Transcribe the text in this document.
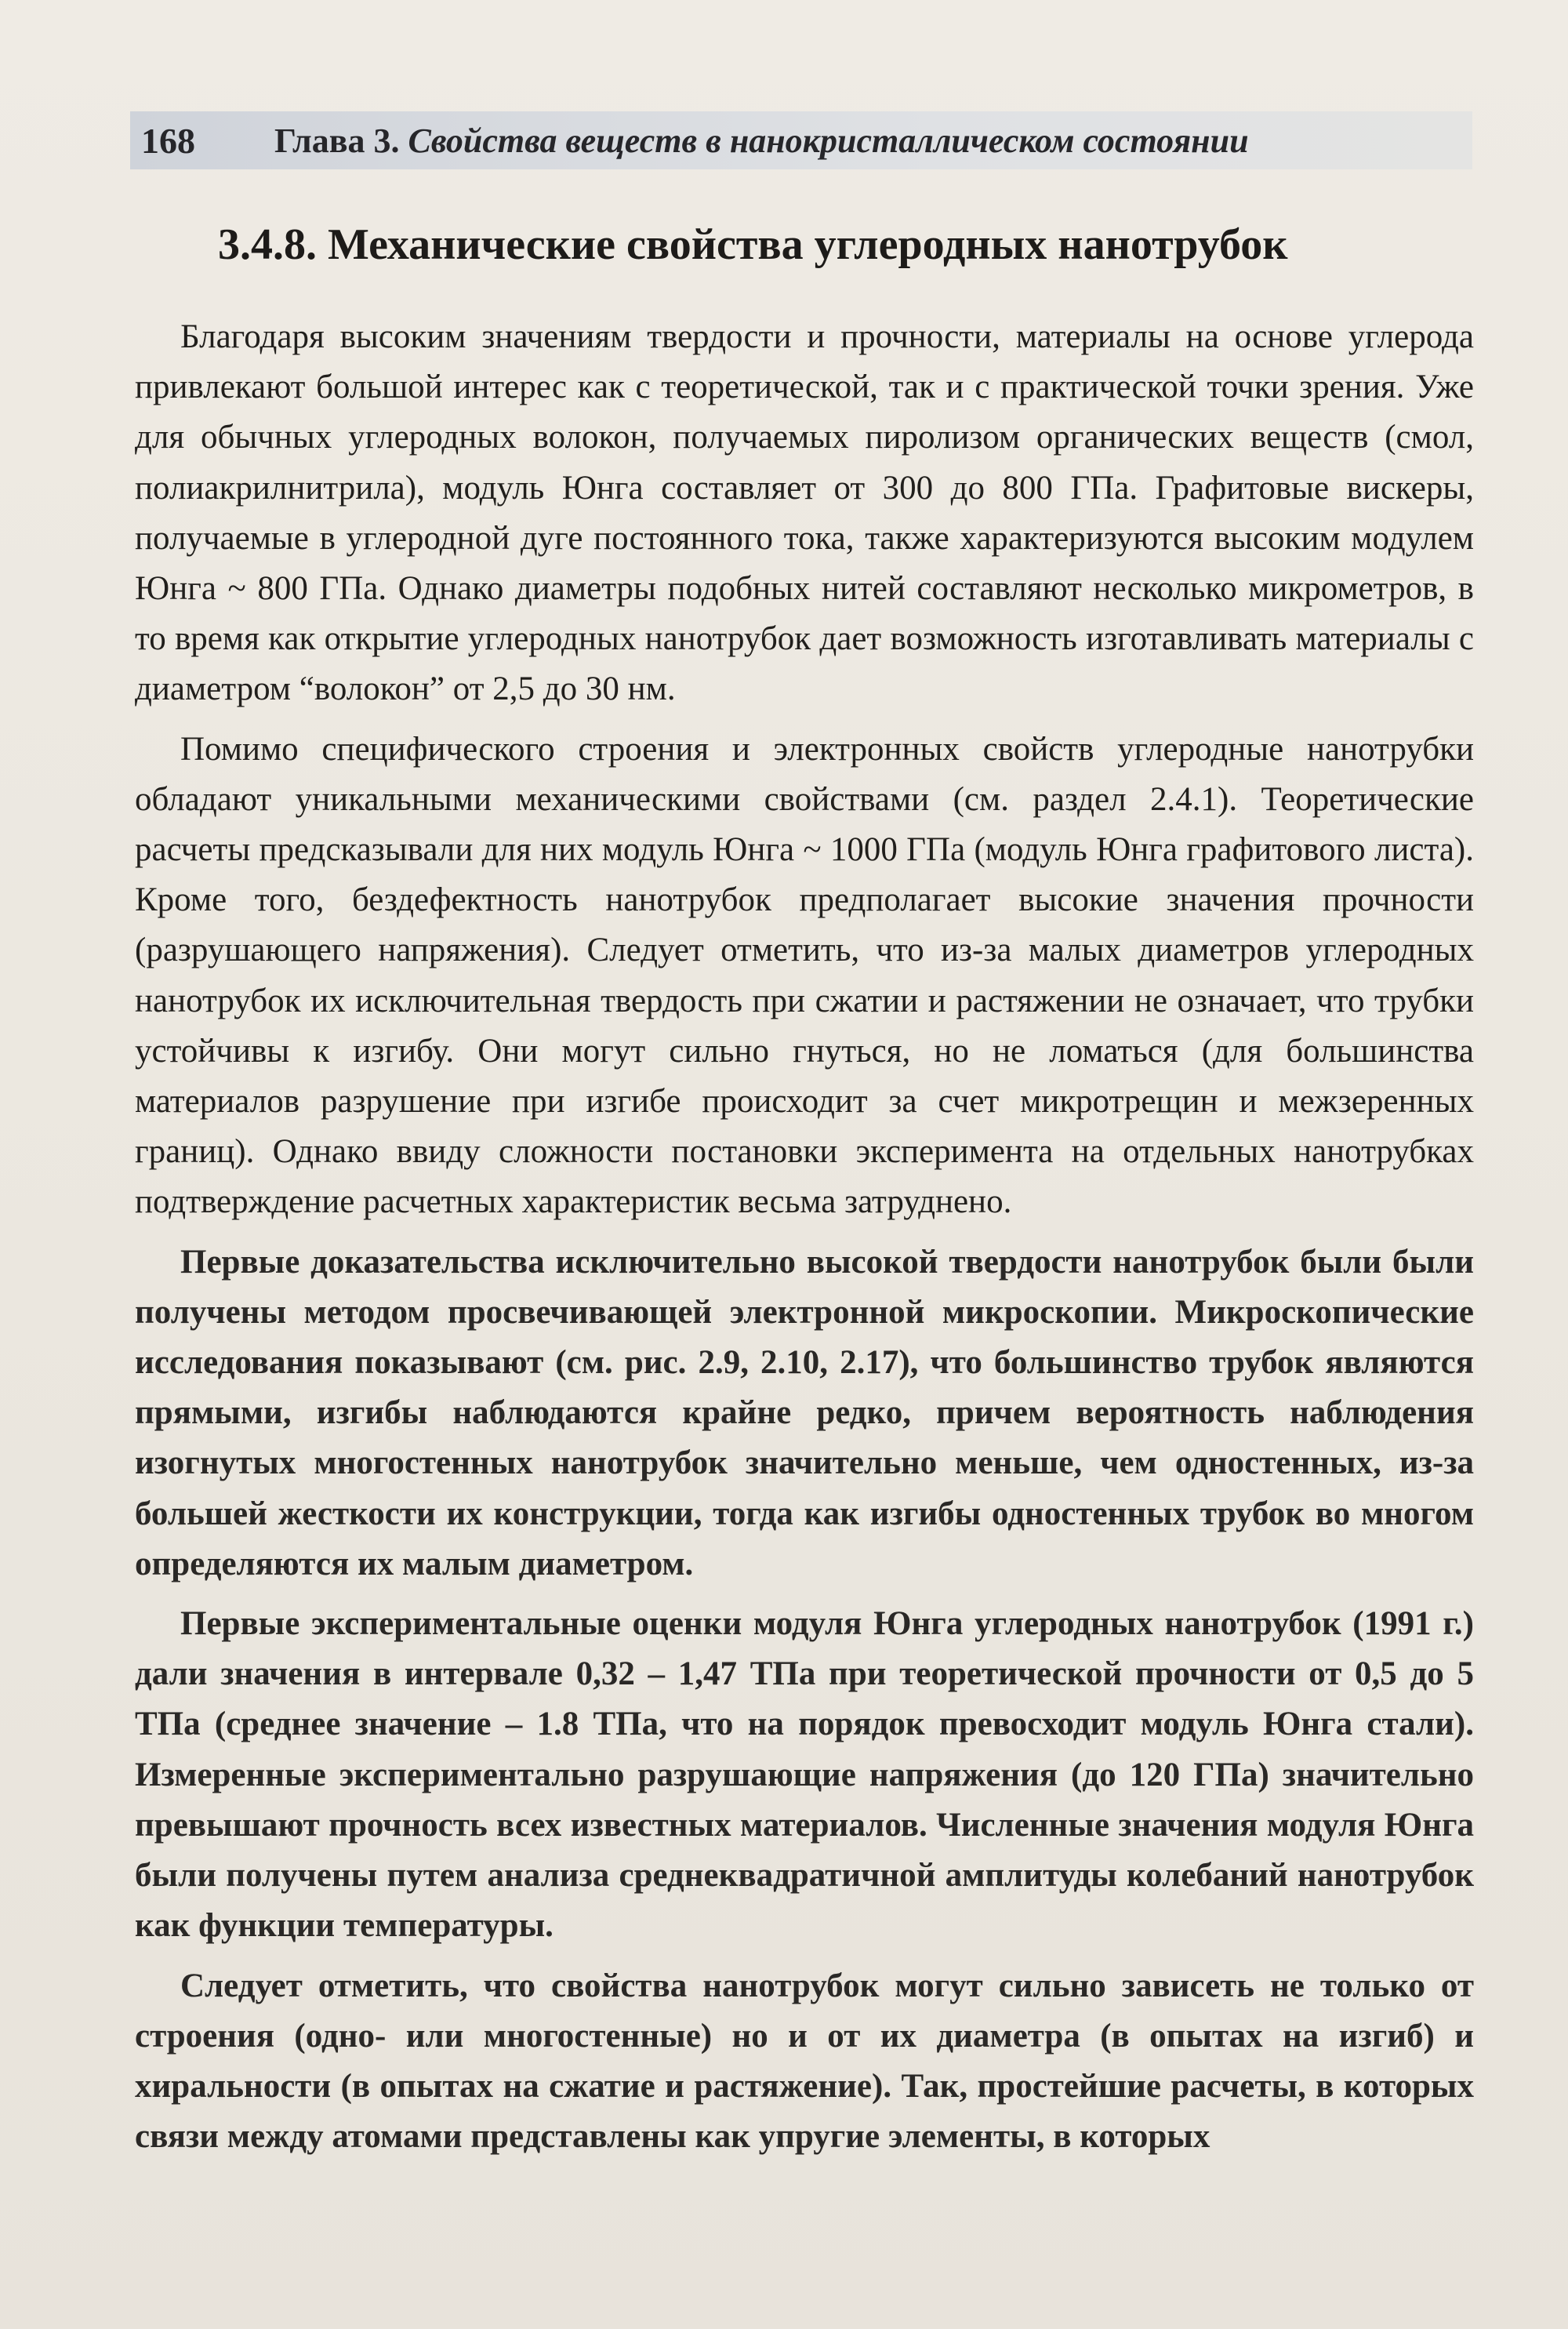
168	Глава 3. Свойства веществ в нанокристаллическом состоянии
3.4.8. Механические свойства углеродных нанотрубок

Благодаря высоким значениям твердости и прочности, материалы на основе углерода привлекают большой интерес как с теоретической, так и с практической точки зрения. Уже для обычных углеродных волокон, получаемых пиролизом органических веществ (смол, полиакрилнитрила), модуль Юнга составляет от 300 до 800 ГПа. Графитовые вискеры, получаемые в углеродной дуге постоянного тока, также характеризуются высоким модулем Юнга ~ 800 ГПа. Однако диаметры подобных нитей составляют несколько микрометров, в то время как открытие углеродных нанотрубок дает возможность изготавливать материалы с диаметром “волокон” от 2,5 до 30 нм.

Помимо специфического строения и электронных свойств углеродные нанотрубки обладают уникальными механическими свойствами (см. раздел 2.4.1). Теоретические расчеты предсказывали для них модуль Юнга ~ 1000 ГПа (модуль Юнга графитового листа). Кроме того, бездефектность нанотрубок предполагает высокие значения прочности (разрушающего напряжения). Следует отметить, что из-за малых диаметров углеродных нанотрубок их исключительная твердость при сжатии и растяжении не означает, что трубки устойчивы к изгибу. Они могут сильно гнуться, но не ломаться (для большинства материалов разрушение при изгибе происходит за счет микротрещин и межзеренных границ). Однако ввиду сложности постановки эксперимента на отдельных нанотрубках подтверждение расчетных характеристик весьма затруднено.

Первые доказательства исключительно высокой твердости нанотрубок были были получены методом просвечивающей электронной микроскопии. Микроскопические исследования показывают (см. рис. 2.9, 2.10, 2.17), что большинство трубок являются прямыми, изгибы наблюдаются крайне редко, причем вероятность наблюдения изогнутых многостенных нанотрубок значительно меньше, чем одностенных, из-за большей жесткости их конструкции, тогда как изгибы одностенных трубок во многом определяются их малым диаметром.

Первые экспериментальные оценки модуля Юнга углеродных нанотрубок (1991 г.) дали значения в интервале 0,32 – 1,47 ТПа при теоретической прочности от 0,5 до 5 ТПа (среднее значение – 1.8 ТПа, что на порядок превосходит модуль Юнга стали). Измеренные экспериментально разрушающие напряжения (до 120 ГПа) значительно превышают прочность всех известных материалов. Численные значения модуля Юнга были получены путем анализа среднеквадратичной амплитуды колебаний нанотрубок как функции температуры.

Следует отметить, что свойства нанотрубок могут сильно зависеть не только от строения (одно- или многостенные) но и от их диаметра (в опытах на изгиб) и хиральности (в опытах на сжатие и растяжение). Так, простейшие расчеты, в которых связи между атомами представлены как упругие элементы, в которых
